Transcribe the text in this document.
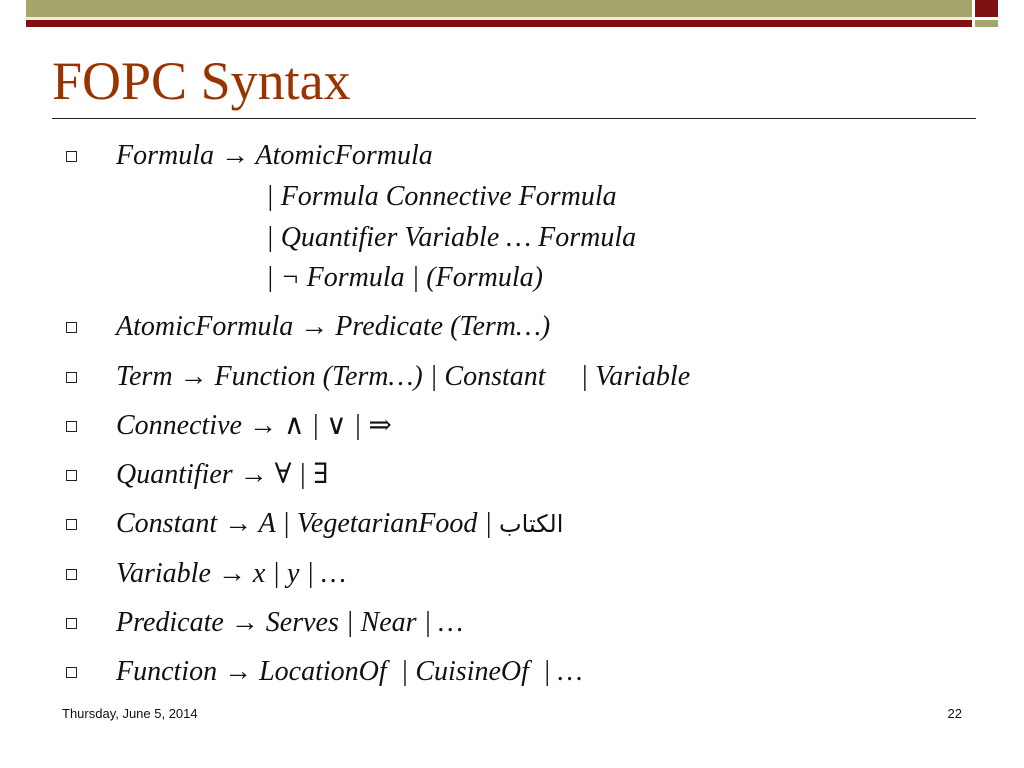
FOPC Syntax
Formula → AtomicFormula
| Formula Connective Formula
| Quantifier Variable … Formula
| ¬ Formula | (Formula)
AtomicFormula → Predicate (Term…)
Term → Function (Term…) | Constant     | Variable
Connective → ∧ | ∨ | ⇒
Quantifier → ∀ | ∃
Constant → A | VegetarianFood | الكتاب
Variable → x | y | …
Predicate → Serves | Near | …
Function → LocationOf  | CuisineOf  | …
Thursday, June 5, 2014	22
